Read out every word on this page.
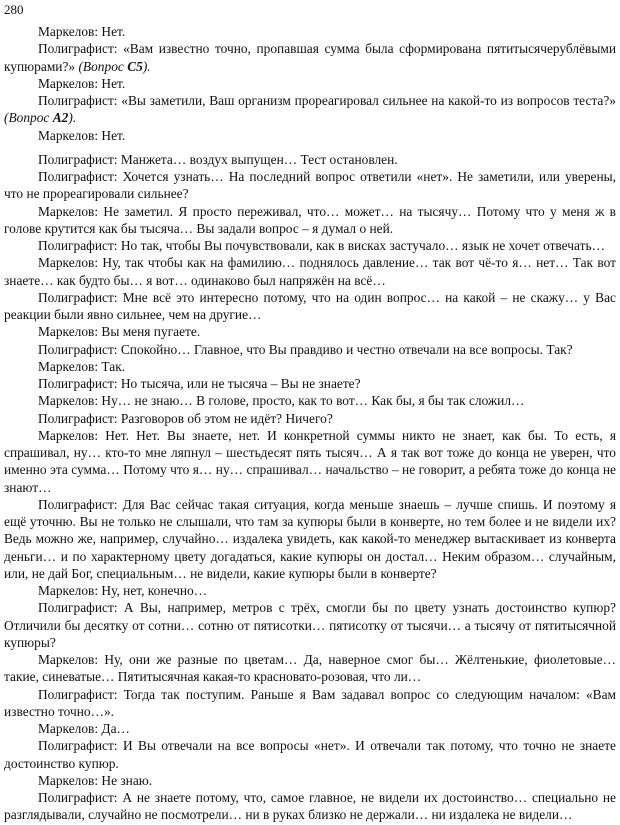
280

Маркелов: Нет.

Полиграфист: «Вам известно точно, пропавшая сумма была сформирована пятитысячерублёвыми купюрами?» (Вопрос С5).

Маркелов: Нет.

Полиграфист: «Вы заметили, Ваш организм прореагировал сильнее на какой-то из вопросов теста?» (Вопрос А2).

Маркелов: Нет.

Полиграфист: Манжета… воздух выпущен… Тест остановлен.

Полиграфист: Хочется узнать… На последний вопрос ответили «нет». Не заметили, или уверены, что не прореагировали сильнее?

Маркелов: Не заметил. Я просто переживал, что… может… на тысячу… Потому что у меня ж в голове крутится как бы тысяча… Вы задали вопрос – я думал о ней.

Полиграфист: Но так, чтобы Вы почувствовали, как в висках застучало… язык не хочет отвечать…

Маркелов: Ну, так чтобы как на фамилию… поднялось давление… так вот чё-то я… нет… Так вот знаете… как будто бы… я вот… одинаково был напряжён на всё…

Полиграфист: Мне всё это интересно потому, что на один вопрос… на какой – не скажу… у Вас реакции были явно сильнее, чем на другие…

Маркелов: Вы меня пугаете.

Полиграфист: Спокойно… Главное, что Вы правдиво и честно отвечали на все вопросы. Так?

Маркелов: Так.

Полиграфист: Но тысяча, или не тысяча – Вы не знаете?

Маркелов: Ну… не знаю… В голове, просто, как то вот… Как бы, я бы так сложил…

Полиграфист: Разговоров об этом не идёт? Ничего?

Маркелов: Нет. Нет. Вы знаете, нет. И конкретной суммы никто не знает, как бы. То есть, я спрашивал, ну… кто-то мне ляпнул – шестьдесят пять тысяч… А я так вот тоже до конца не уверен, что именно эта сумма… Потому что я… ну… спрашивал… начальство – не говорит, а ребята тоже до конца не знают…

Полиграфист: Для Вас сейчас такая ситуация, когда меньше знаешь – лучше спишь. И поэтому я ещё уточню. Вы не только не слышали, что там за купюры были в конверте, но тем более и не видели их? Ведь можно же, например, случайно… издалека увидеть, как какой-то менеджер вытаскивает из конверта деньги… и по характерному цвету догадаться, какие купюры он достал… Неким образом… случайным, или, не дай Бог, специальным… не видели, какие купюры были в конверте?

Маркелов: Ну, нет, конечно…

Полиграфист: А Вы, например, метров с трёх, смогли бы по цвету узнать достоинство купюр? Отличили бы десятку от сотни… сотню от пятисотки… пятисотку от тысячи… а тысячу от пятитысячной купюры?

Маркелов: Ну, они же разные по цветам… Да, наверное смог бы… Жёлтенькие, фиолетовые… такие, синеватые… Пятитысячная какая-то красновато-розовая, что ли…

Полиграфист: Тогда так поступим. Раньше я Вам задавал вопрос со следующим началом: «Вам известно точно…».

Маркелов: Да…

Полиграфист: И Вы отвечали на все вопросы «нет». И отвечали так потому, что точно не знаете достоинство купюр.

Маркелов: Не знаю.

Полиграфист: А не знаете потому, что, самое главное, не видели их достоинство… специально не разглядывали, случайно не посмотрели… ни в руках близко не держали… ни издалека не видели…
